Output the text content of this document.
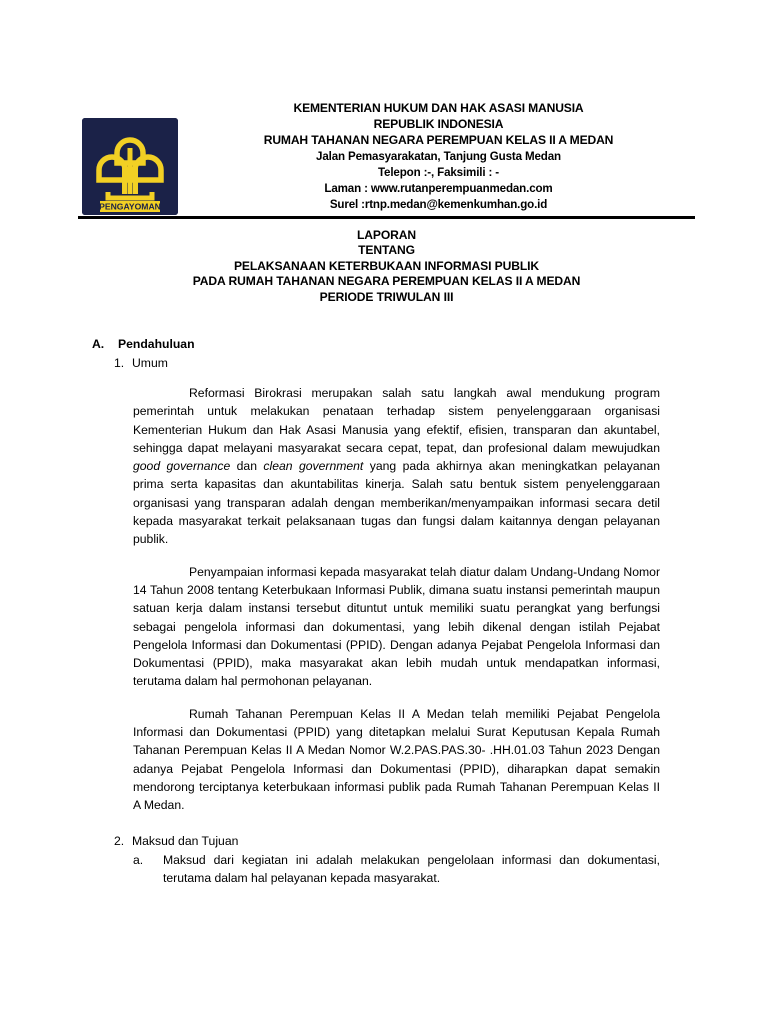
PENGAYOMAN
KEMENTERIAN HUKUM DAN HAK ASASI MANUSIA
REPUBLIK INDONESIA
RUMAH TAHANAN NEGARA PEREMPUAN KELAS II A MEDAN
Jalan Pemasyarakatan, Tanjung Gusta Medan
Telepon :-, Faksimili : -
Laman : www.rutanperempuanmedan.com
Surel :rtnp.medan@kemenkumhan.go.id
LAPORAN
TENTANG
PELAKSANAAN KETERBUKAAN INFORMASI PUBLIK
PADA RUMAH TAHANAN NEGARA PEREMPUAN KELAS II A MEDAN
PERIODE TRIWULAN III
A. Pendahuluan
1. Umum

Reformasi Birokrasi merupakan salah satu langkah awal mendukung program pemerintah untuk melakukan penataan terhadap sistem penyelenggaraan organisasi Kementerian Hukum dan Hak Asasi Manusia yang efektif, efisien, transparan dan akuntabel, sehingga dapat melayani masyarakat secara cepat, tepat, dan profesional dalam mewujudkan good governance dan clean government yang pada akhirnya akan meningkatkan pelayanan prima serta kapasitas dan akuntabilitas kinerja. Salah satu bentuk sistem penyelenggaraan organisasi yang transparan adalah dengan memberikan/menyampaikan informasi secara detil kepada masyarakat terkait pelaksanaan tugas dan fungsi dalam kaitannya dengan pelayanan publik.

Penyampaian informasi kepada masyarakat telah diatur dalam Undang-Undang Nomor 14 Tahun 2008 tentang Keterbukaan Informasi Publik, dimana suatu instansi pemerintah maupun satuan kerja dalam instansi tersebut dituntut untuk memiliki suatu perangkat yang berfungsi sebagai pengelola informasi dan dokumentasi, yang lebih dikenal dengan istilah Pejabat Pengelola Informasi dan Dokumentasi (PPID). Dengan adanya Pejabat Pengelola Informasi dan Dokumentasi (PPID), maka masyarakat akan lebih mudah untuk mendapatkan informasi, terutama dalam hal permohonan pelayanan.

Rumah Tahanan Perempuan Kelas II A Medan telah memiliki Pejabat Pengelola Informasi dan Dokumentasi (PPID) yang ditetapkan melalui Surat Keputusan Kepala Rumah Tahanan Perempuan Kelas II A Medan Nomor W.2.PAS.PAS.30- .HH.01.03 Tahun 2023 Dengan adanya Pejabat Pengelola Informasi dan Dokumentasi (PPID), diharapkan dapat semakin mendorong terciptanya keterbukaan informasi publik pada Rumah Tahanan Perempuan Kelas II A Medan.

2. Maksud dan Tujuan
a. Maksud dari kegiatan ini adalah melakukan pengelolaan informasi dan dokumentasi, terutama dalam hal pelayanan kepada masyarakat.
